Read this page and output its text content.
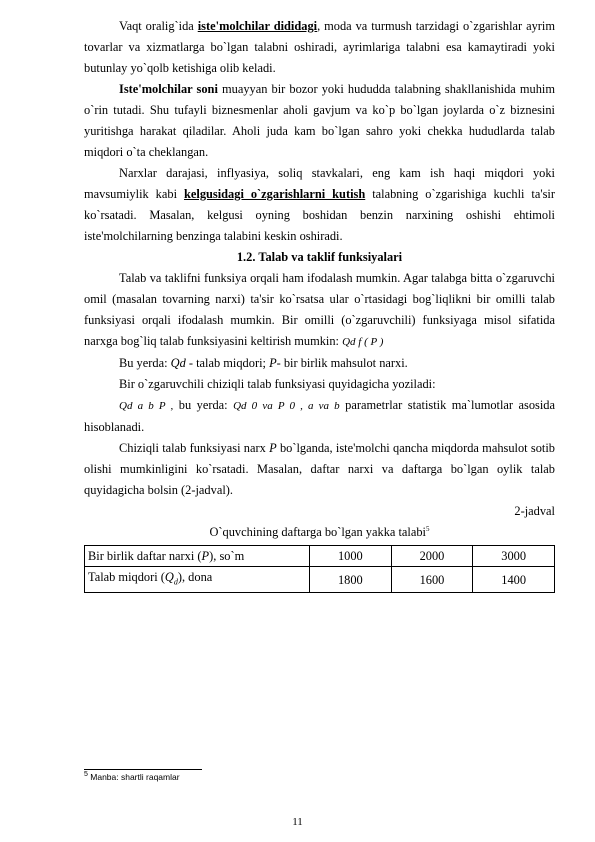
Vaqt oralig`ida iste'molchilar dididagi, moda va turmush tarzidagi o`zgarishlar ayrim tovarlar va xizmatlarga bo`lgan talabni oshiradi, ayrimlariga talabni esa kamaytiradi yoki butunlay yo`qolb ketishiga olib keladi.

Iste'molchilar soni muayyan bir bozor yoki hududda talabning shakllanishida muhim o`rin tutadi. Shu tufayli biznesmenlar aholi gavjum va ko`p bo`lgan joylarda o`z biznesini yuritishga harakat qiladilar. Aholi juda kam bo`lgan sahro yoki chekka hududlarda talab miqdori o`ta cheklangan.

Narxlar darajasi, inflyasiya, soliq stavkalari, eng kam ish haqi miqdori yoki mavsumiylik kabi kelgusidagi o`zgarishlarni kutish talabning o`zgarishiga kuchli ta'sir ko`rsatadi. Masalan, kelgusi oyning boshidan benzin narxining oshishi ehtimoli iste'molchilarning benzinga talabini keskin oshiradi.

1.2. Talab va taklif funksiyalari

Talab va taklifni funksiya orqali ham ifodalash mumkin. Agar talabga bitta o`zgaruvchi omil (masalan tovarning narxi) ta'sir ko`rsatsa ular o`rtasidagi bog`liqlikni bir omilli talab funksiyasi orqali ifodalash mumkin. Bir omilli (o`zgaruvchili) funksiyaga misol sifatida narxga bog`liq talab funksiyasini keltirish mumkin: Qd f ( P )

Bu yerda: Qd - talab miqdori; P- bir birlik mahsulot narxi.

Bir o`zgaruvchili chiziqli talab funksiyasi quyidagicha yoziladi:

Qd a b P , bu yerda: Qd 0 va P 0 , a va b parametrlar statistik ma`lumotlar asosida hisoblanadi.

Chiziqli talab funksiyasi narx P bo`lganda, iste'molchi qancha miqdorda mahsulot sotib olishi mumkinligini ko`rsatadi. Masalan, daftar narxi va daftarga bo`lgan oylik talab quyidagicha bolsin (2-jadval).

2-jadval

O`quvchining daftarga bo`lgan yakka talabi$^5$

Bir birlik daftar narxi (P), so`m	1000	2000	3000
Talab miqdori $(Q_d)$, dona	1800	1600	1400
$^5$ Manba: shartli raqamlar
11
